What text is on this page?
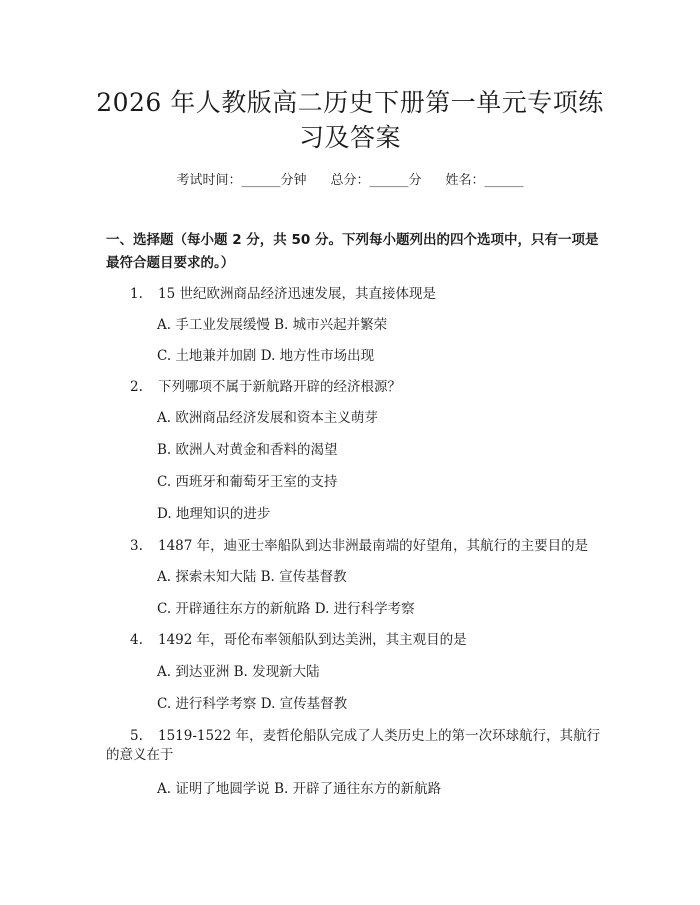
2026 年人教版高二历史下册第一单元专项练
习及答案
考试时间：______分钟 总分：______分 姓名：______
一、选择题（每小题 2 分，共 50 分。下列每小题列出的四个选项中，只有一项是
最符合题目要求的。）
1. 15 世纪欧洲商品经济迅速发展，其直接体现是
A. 手工业发展缓慢 B. 城市兴起并繁荣
C. 土地兼并加剧 D. 地方性市场出现
2. 下列哪项不属于新航路开辟的经济根源？
A. 欧洲商品经济发展和资本主义萌芽
B. 欧洲人对黄金和香料的渴望
C. 西班牙和葡萄牙王室的支持
D. 地理知识的进步
3. 1487 年，迪亚士率船队到达非洲最南端的好望角，其航行的主要目的是
A. 探索未知大陆 B. 宣传基督教
C. 开辟通往东方的新航路 D. 进行科学考察
4. 1492 年，哥伦布率领船队到达美洲，其主观目的是
A. 到达亚洲 B. 发现新大陆
C. 进行科学考察 D. 宣传基督教
5. 1519-1522 年，麦哲伦船队完成了人类历史上的第一次环球航行，其航行
的意义在于
A. 证明了地圆学说 B. 开辟了通往东方的新航路
